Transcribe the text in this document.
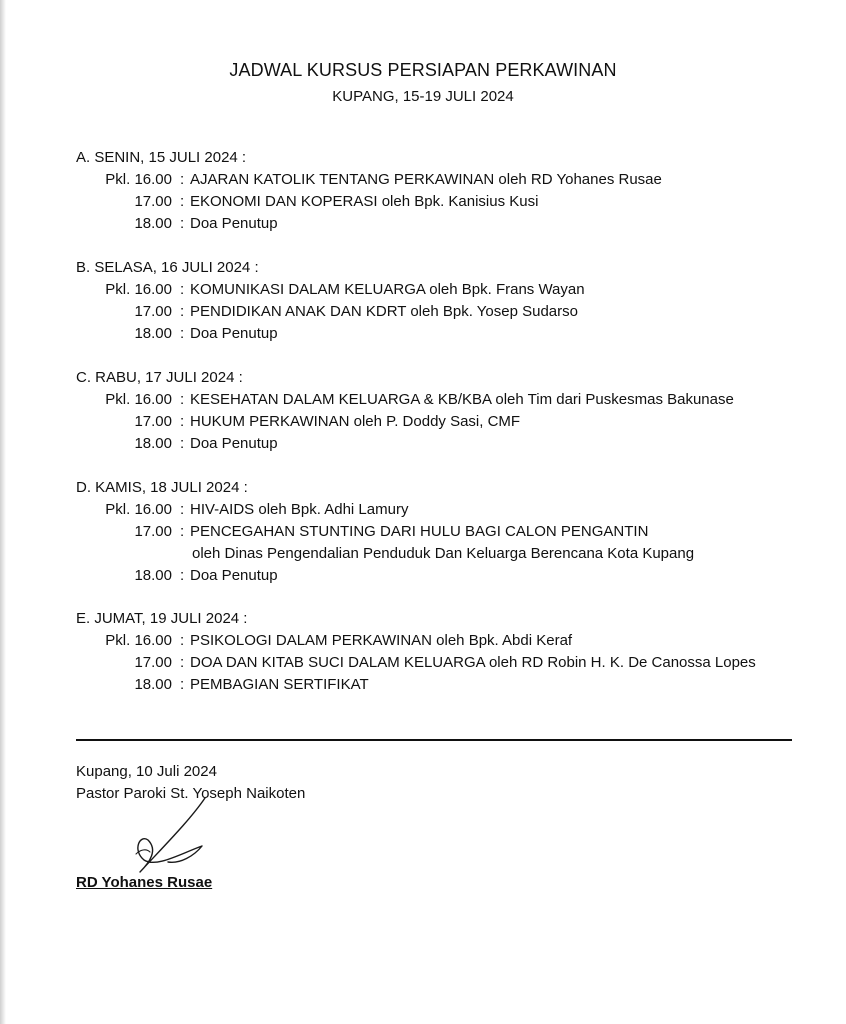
JADWAL KURSUS PERSIAPAN PERKAWINAN
KUPANG, 15-19 JULI 2024
A. SENIN, 15 JULI 2024 :
Pkl. 16.00 : AJARAN KATOLIK TENTANG PERKAWINAN oleh RD Yohanes Rusae
17.00 : EKONOMI DAN KOPERASI oleh Bpk. Kanisius Kusi
18.00 : Doa Penutup
B. SELASA, 16 JULI 2024 :
Pkl. 16.00 : KOMUNIKASI DALAM KELUARGA oleh Bpk. Frans Wayan
17.00 : PENDIDIKAN ANAK DAN KDRT oleh Bpk. Yosep Sudarso
18.00 : Doa Penutup
C. RABU, 17 JULI 2024 :
Pkl. 16.00 : KESEHATAN DALAM KELUARGA & KB/KBA oleh Tim dari Puskesmas Bakunase
17.00 : HUKUM PERKAWINAN oleh P. Doddy Sasi, CMF
18.00 : Doa Penutup
D. KAMIS, 18 JULI 2024 :
Pkl. 16.00 : HIV-AIDS oleh Bpk. Adhi Lamury
17.00 : PENCEGAHAN STUNTING DARI HULU BAGI CALON PENGANTIN
oleh Dinas Pengendalian Penduduk Dan Keluarga Berencana Kota Kupang
18.00 : Doa Penutup
E. JUMAT, 19 JULI 2024 :
Pkl. 16.00 : PSIKOLOGI DALAM PERKAWINAN oleh Bpk. Abdi Keraf
17.00 : DOA DAN KITAB SUCI DALAM KELUARGA oleh RD Robin H. K. De Canossa Lopes
18.00 : PEMBAGIAN SERTIFIKAT
Kupang, 10 Juli 2024
Pastor Paroki St. Yoseph Naikoten
RD Yohanes Rusae
